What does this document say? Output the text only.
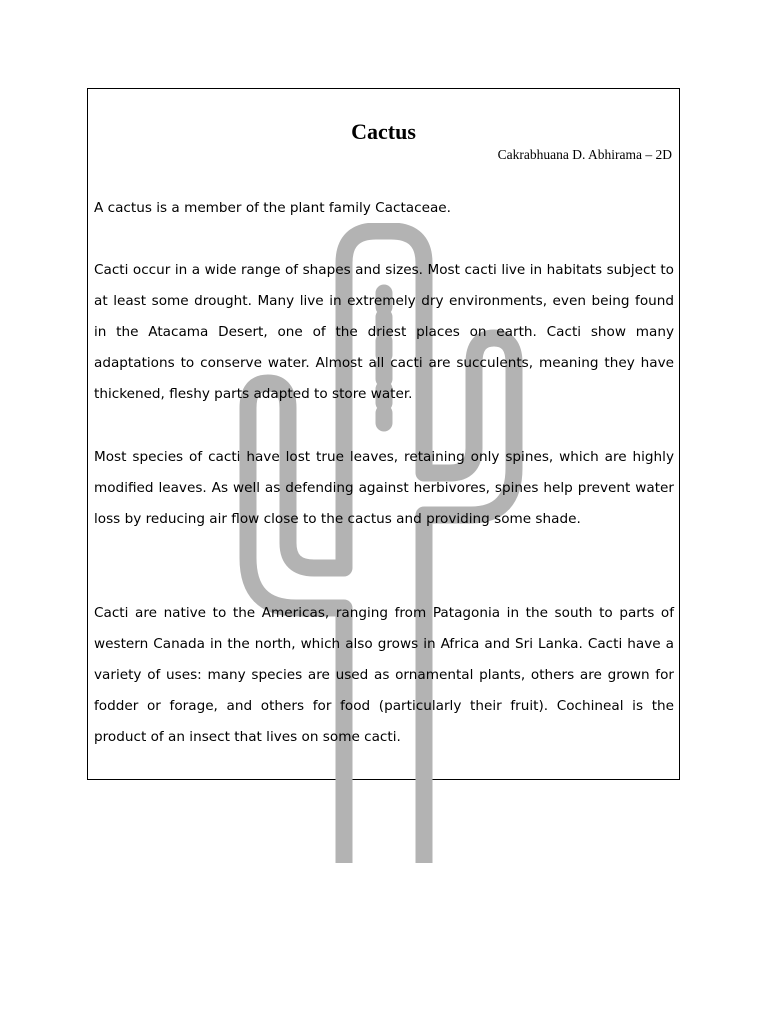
Cactus

Cakrabhuana D. Abhirama – 2D

A cactus is a member of the plant family Cactaceae.

Cacti occur in a wide range of shapes and sizes. Most cacti live in habitats subject to at least some drought. Many live in extremely dry environments, even being found in the Atacama Desert, one of the driest places on earth. Cacti show many adaptations to conserve water. Almost all cacti are succulents, meaning they have thickened, fleshy parts adapted to store water.

Most species of cacti have lost true leaves, retaining only spines, which are highly modified leaves. As well as defending against herbivores, spines help prevent water loss by reducing air flow close to the cactus and providing some shade.

Cacti are native to the Americas, ranging from Patagonia in the south to parts of western Canada in the north, which also grows in Africa and Sri Lanka. Cacti have a variety of uses: many species are used as ornamental plants, others are grown for fodder or forage, and others for food (particularly their fruit). Cochineal is the product of an insect that lives on some cacti.
